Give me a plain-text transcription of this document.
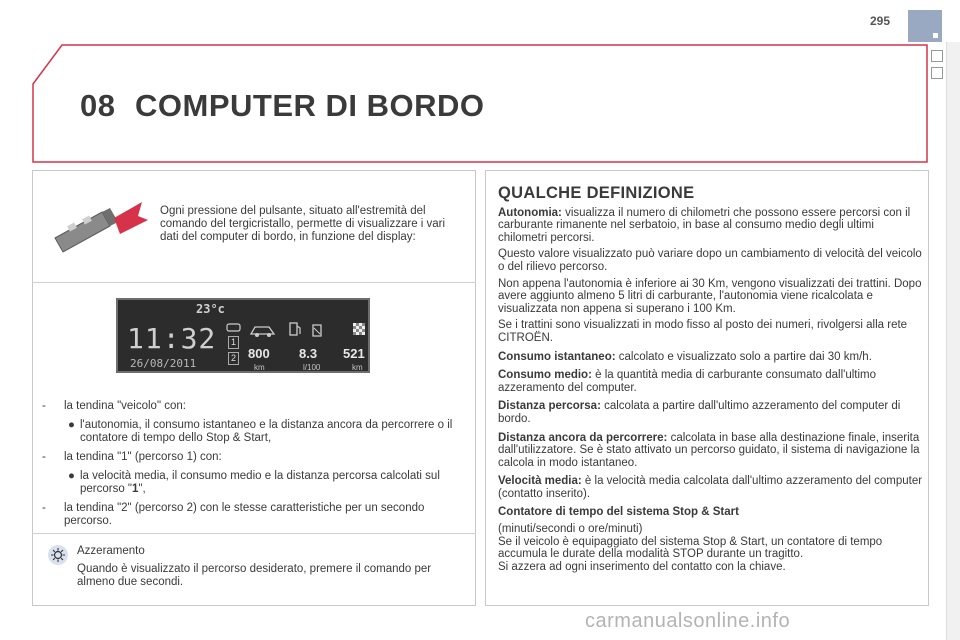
295
08 COMPUTER DI BORDO
Ogni pressione del pulsante, situato all'estremità del comando del tergicristallo, permette di visualizzare i vari dati del computer di bordo, in funzione del display:
11:32
26/08/2011
23°c
1
2 800
km
8.3
l/100
521
km
- la tendina "veicolo" con:
● l'autonomia, il consumo istantaneo e la distanza ancora da percorrere o il contatore di tempo dello Stop & Start,
- la tendina "1" (percorso 1) con:
● la velocità media, il consumo medio e la distanza percorsa calcolati sul percorso "1",
- la tendina "2" (percorso 2) con le stesse caratteristiche per un secondo percorso.
Azzeramento
Quando è visualizzato il percorso desiderato, premere il comando per almeno due secondi.
QUALCHE DEFINIZIONE

Autonomia: visualizza il numero di chilometri che possono essere percorsi con il carburante rimanente nel serbatoio, in base al consumo medio degli ultimi chilometri percorsi.

Questo valore visualizzato può variare dopo un cambiamento di velocità del veicolo o del rilievo percorso.

Non appena l'autonomia è inferiore ai 30 Km, vengono visualizzati dei trattini. Dopo avere aggiunto almeno 5 litri di carburante, l'autonomia viene ricalcolata e visualizzata non appena si superano i 100 Km.

Se i trattini sono visualizzati in modo fisso al posto dei numeri, rivolgersi alla rete CITROËN.

Consumo istantaneo: calcolato e visualizzato solo a partire dai 30 km/h.

Consumo medio: è la quantità media di carburante consumato dall'ultimo azzeramento del computer.

Distanza percorsa: calcolata a partire dall'ultimo azzeramento del computer di bordo.

Distanza ancora da percorrere: calcolata in base alla destinazione finale, inserita dall'utilizzatore. Se è stato attivato un percorso guidato, il sistema di navigazione la calcola in modo istantaneo.

Velocità media: è la velocità media calcolata dall'ultimo azzeramento del computer (contatto inserito).

Contatore di tempo del sistema Stop & Start

(minuti/secondi o ore/minuti)
Se il veicolo è equipaggiato del sistema Stop & Start, un contatore di tempo accumula le durate della modalità STOP durante un tragitto.
Si azzera ad ogni inserimento del contatto con la chiave.

carmanualsonline.info
